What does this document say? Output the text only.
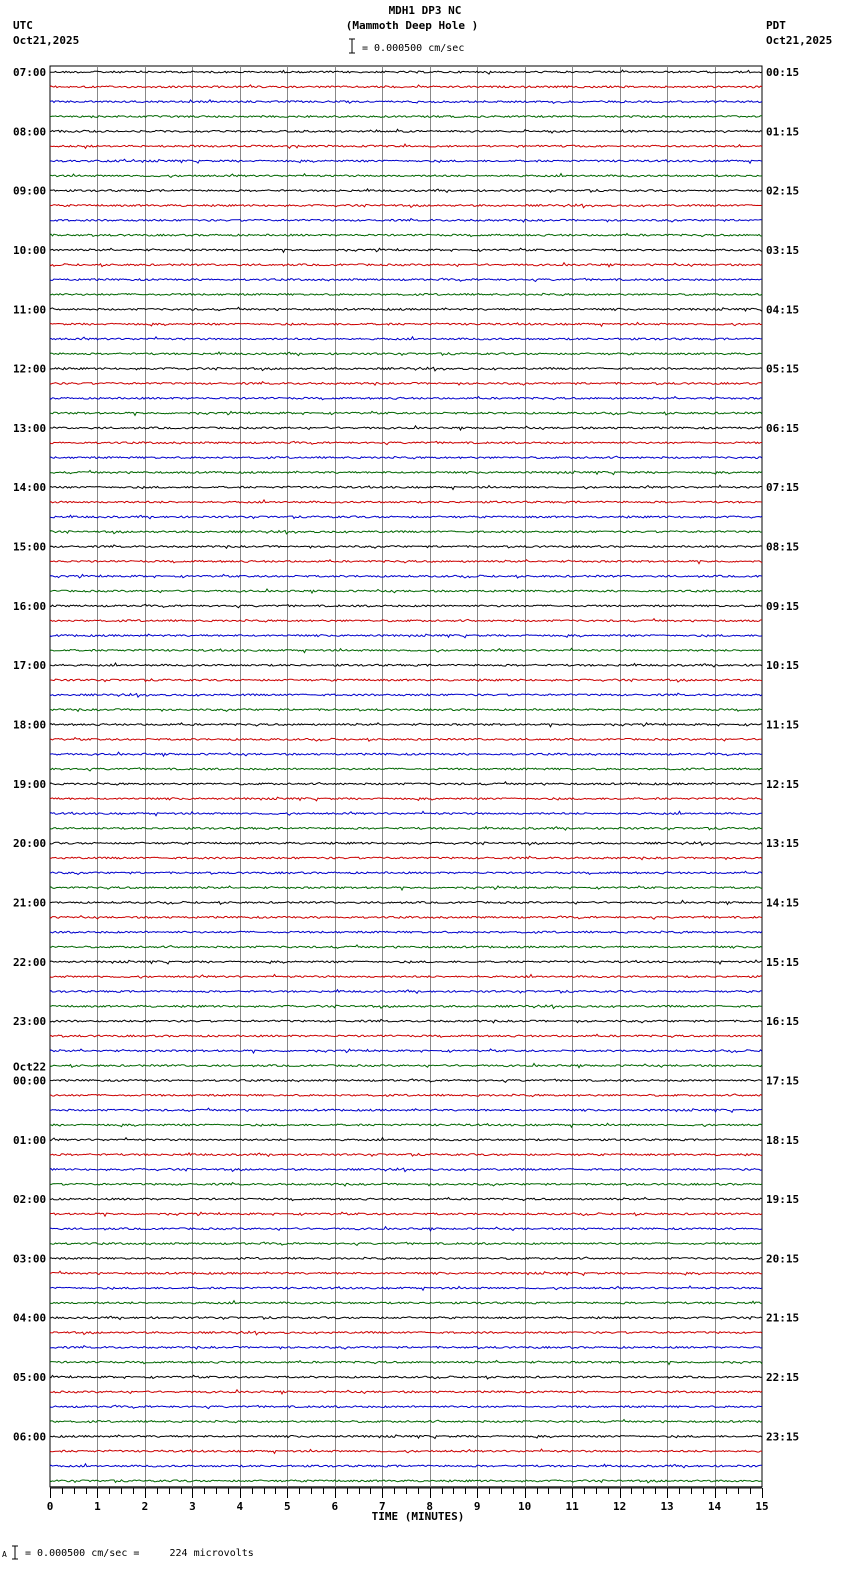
MDH1 DP3 NC
(Mammoth Deep Hole )
UTC
Oct21,2025
PDT
Oct21,2025
= 0.000500 cm/sec
A = 0.000500 cm/sec =     224 microvolts
07:00
08:00
09:00
10:00
11:00
12:00
13:00
14:00
15:00
16:00
17:00
18:00
19:00
20:00
21:00
22:00
23:00
00:00
Oct22
01:00
02:00
03:00
04:00
05:00
06:00
00:15
01:15
02:15
03:15
04:15
05:15
06:15
07:15
08:15
09:15
10:15
11:15
12:15
13:15
14:15
15:15
16:15
17:15
18:15
19:15
20:15
21:15
22:15
23:15
0	1	2	3	4	5	6	7	8	9	10	11	12	13	14	15
TIME (MINUTES)
